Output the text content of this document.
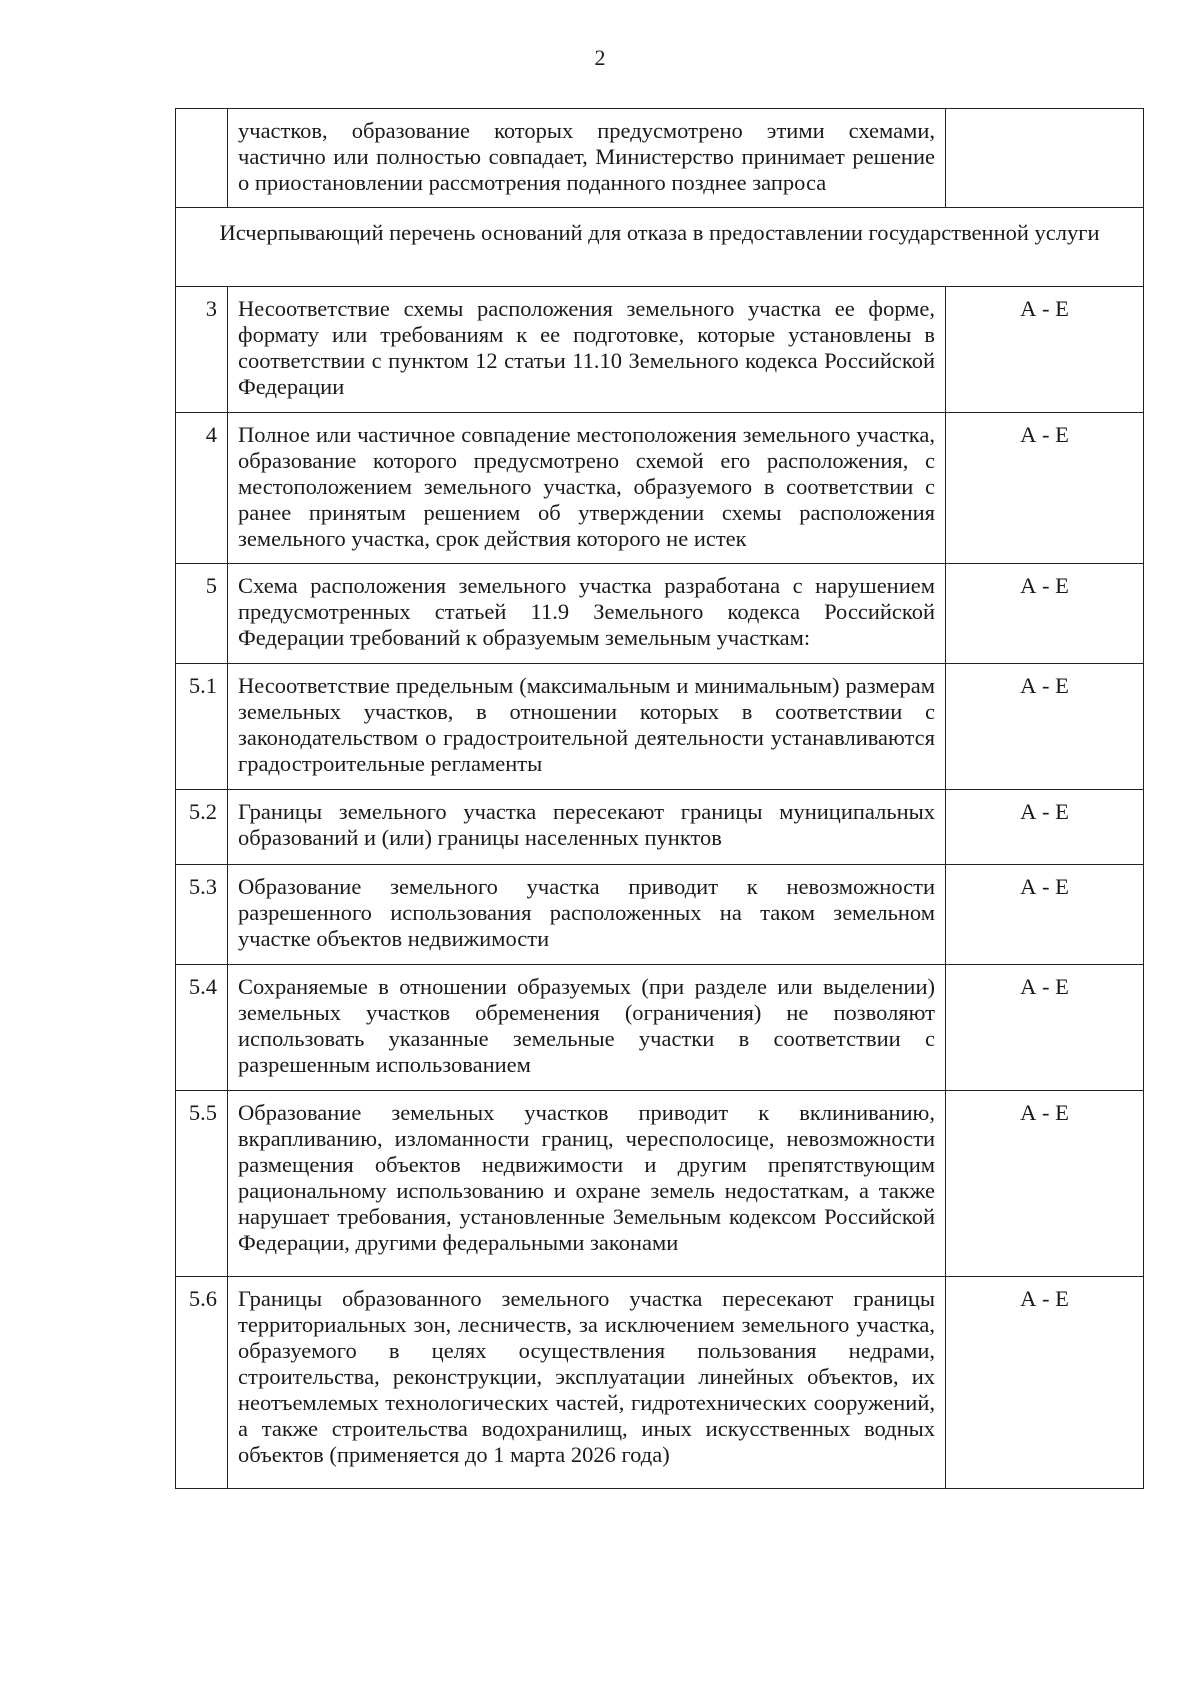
2
	участков, образование которых предусмотрено этими схемами, частично или полностью совпадает, Министерство принимает решение о приостановлении рассмотрения поданного позднее запроса	
Исчерпывающий перечень оснований для отказа в предоставлении государственной услуги		
3	Несоответствие схемы расположения земельного участка ее форме, формату или требованиям к ее подготовке, которые установлены в соответствии с пунктом 12 статьи 11.10 Земельного кодекса Российской Федерации	А - Е
4	Полное или частичное совпадение местоположения земельного участка, образование которого предусмотрено схемой его расположения, с местоположением земельного участка, образуемого в соответствии с ранее принятым решением об утверждении схемы расположения земельного участка, срок действия которого не истек	А - Е
5	Схема расположения земельного участка разработана с нарушением предусмотренных статьей 11.9 Земельного кодекса Российской Федерации требований к образуемым земельным участкам:	А - Е
5.1	Несоответствие предельным (максимальным и минимальным) размерам земельных участков, в отношении которых в соответствии с законодательством о градостроительной деятельности устанавливаются градостроительные регламенты	А - Е
5.2	Границы земельного участка пересекают границы муниципальных образований и (или) границы населенных пунктов	А - Е
5.3	Образование земельного участка приводит к невозможности разрешенного использования расположенных на таком земельном участке объектов недвижимости	А - Е
5.4	Сохраняемые в отношении образуемых (при разделе или выделении) земельных участков обременения (ограничения) не позволяют использовать указанные земельные участки в соответствии с разрешенным использованием	А - Е
5.5	Образование земельных участков приводит к вклиниванию, вкрапливанию, изломанности границ, чересполосице, невозможности размещения объектов недвижимости и другим препятствующим рациональному использованию и охране земель недостаткам, а также нарушает требования, установленные Земельным кодексом Российской Федерации, другими федеральными законами	А - Е
5.6	Границы образованного земельного участка пересекают границы территориальных зон, лесничеств, за исключением земельного участка, образуемого в целях осуществления пользования недрами, строительства, реконструкции, эксплуатации линейных объектов, их неотъемлемых технологических частей, гидротехнических сооружений, а также строительства водохранилищ, иных искусственных водных объектов (применяется до 1 марта 2026 года)	А - Е
